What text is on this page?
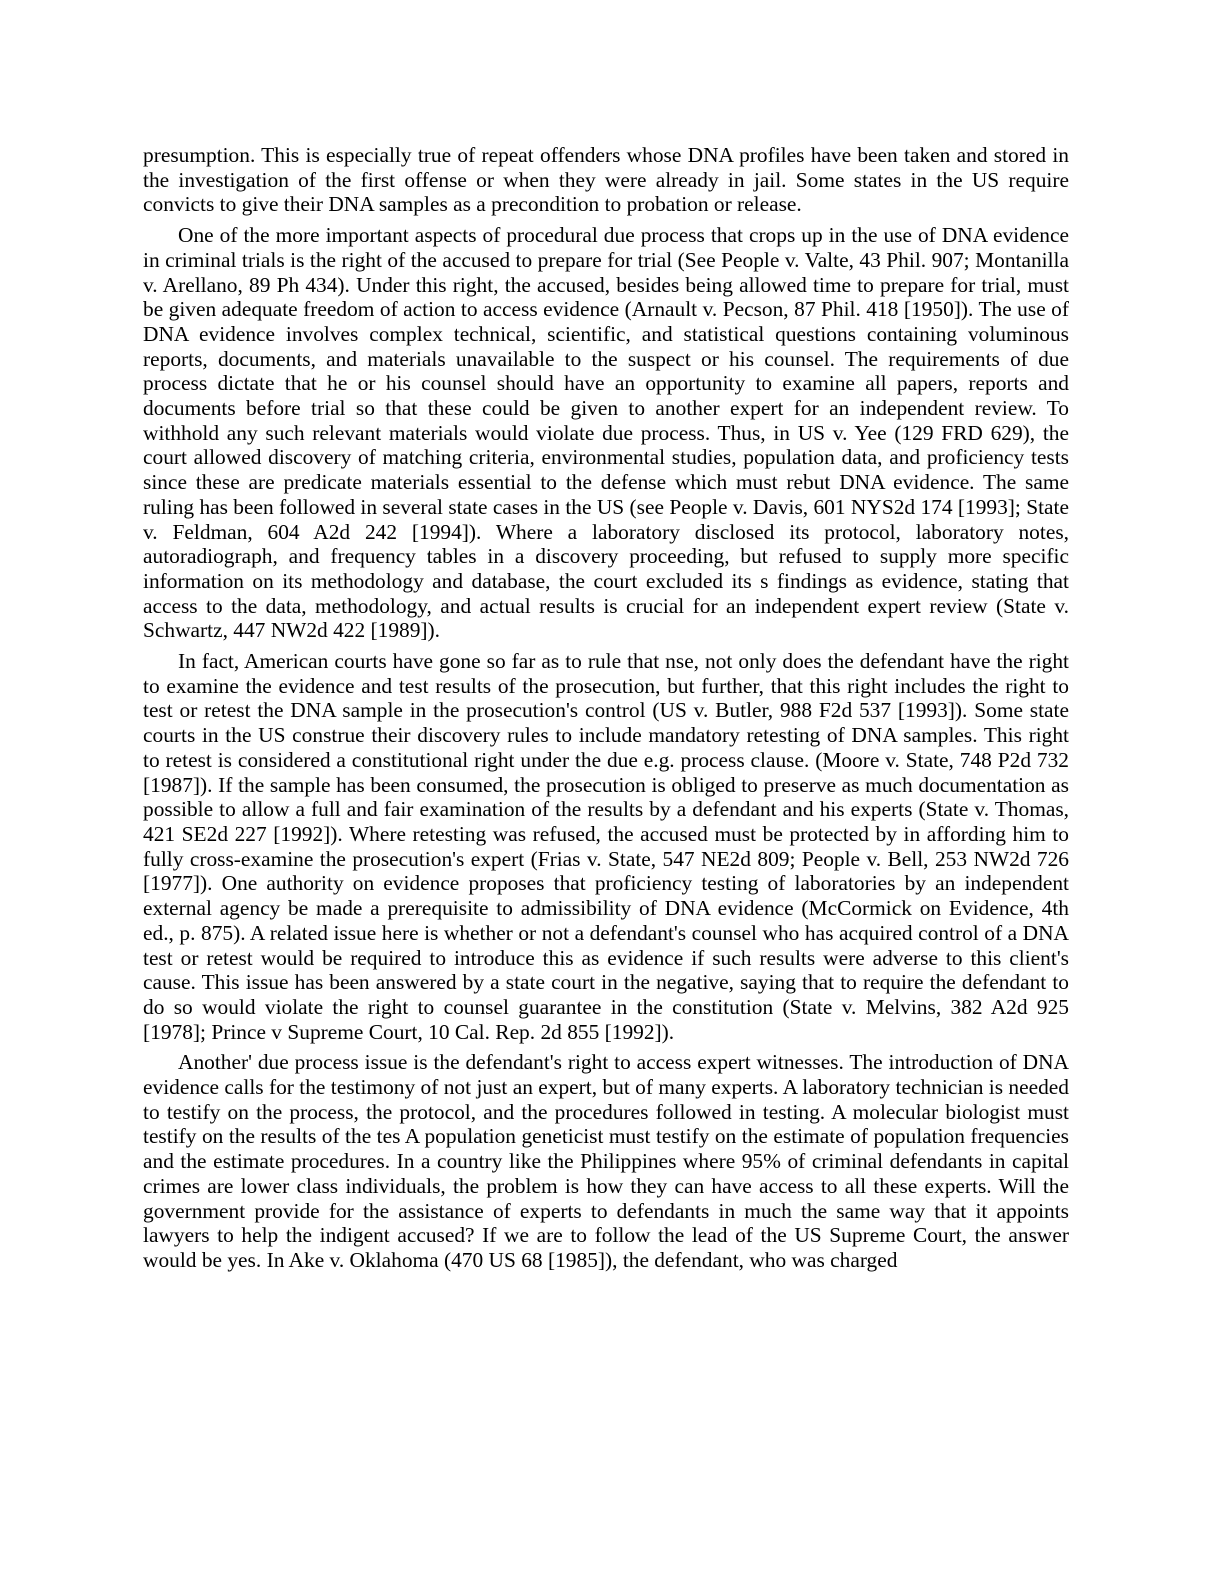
presumption. This is especially true of repeat offenders whose DNA profiles have been taken and stored in the investigation of the first offense or when they were already in jail. Some states in the US require convicts to give their DNA samples as a precondition to probation or release.

One of the more important aspects of procedural due process that crops up in the use of DNA evidence in criminal trials is the right of the accused to prepare for trial (See People v. Valte, 43 Phil. 907; Montanilla v. Arellano, 89 Ph 434). Under this right, the accused, besides being allowed time to prepare for trial, must be given adequate freedom of action to access evidence (Arnault v. Pecson, 87 Phil. 418 [1950]). The use of DNA evidence involves complex technical, scientific, and statistical questions containing voluminous reports, documents, and materials unavailable to the suspect or his counsel. The requirements of due process dictate that he or his counsel should have an opportunity to examine all papers, reports and documents before trial so that these could be given to another expert for an independent review. To withhold any such relevant materials would violate due process. Thus, in US v. Yee (129 FRD 629), the court allowed discovery of matching criteria, environmental studies, population data, and proficiency tests since these are predicate materials essential to the defense which must rebut DNA evidence. The same ruling has been followed in several state cases in the US (see People v. Davis, 601 NYS2d 174 [1993]; State v. Feldman, 604 A2d 242 [1994]). Where a laboratory disclosed its protocol, laboratory notes, autoradiograph, and frequency tables in a discovery proceeding, but refused to supply more specific information on its methodology and database, the court excluded its s findings as evidence, stating that access to the data, methodology, and actual results is crucial for an independent expert review (State v. Schwartz, 447 NW2d 422 [1989]).

In fact, American courts have gone so far as to rule that nse, not only does the defendant have the right to examine the evidence and test results of the prosecution, but further, that this right includes the right to test or retest the DNA sample in the prosecution's control (US v. Butler, 988 F2d 537 [1993]). Some state courts in the US construe their discovery rules to include mandatory retesting of DNA samples. This right to retest is considered a constitutional right under the due e.g. process clause. (Moore v. State, 748 P2d 732 [1987]). If the sample has been consumed, the prosecution is obliged to preserve as much documentation as possible to allow a full and fair examination of the results by a defendant and his experts (State v. Thomas, 421 SE2d 227 [1992]). Where retesting was refused, the accused must be protected by in affording him to fully cross-examine the prosecution's expert (Frias v. State, 547 NE2d 809; People v. Bell, 253 NW2d 726 [1977]). One authority on evidence proposes that proficiency testing of laboratories by an independent external agency be made a prerequisite to admissibility of DNA evidence (McCormick on Evidence, 4th ed., p. 875). A related issue here is whether or not a defendant's counsel who has acquired control of a DNA test or retest would be required to introduce this as evidence if such results were adverse to this client's cause. This issue has been answered by a state court in the negative, saying that to require the defendant to do so would violate the right to counsel guarantee in the constitution (State v. Melvins, 382 A2d 925 [1978]; Prince v Supreme Court, 10 Cal. Rep. 2d 855 [1992]).

Another' due process issue is the defendant's right to access expert witnesses. The introduction of DNA evidence calls for the testimony of not just an expert, but of many experts. A laboratory technician is needed to testify on the process, the protocol, and the procedures followed in testing. A molecular biologist must testify on the results of the tes A population geneticist must testify on the estimate of population frequencies and the estimate procedures. In a country like the Philippines where 95% of criminal defendants in capital crimes are lower class individuals, the problem is how they can have access to all these experts. Will the government provide for the assistance of experts to defendants in much the same way that it appoints lawyers to help the indigent accused? If we are to follow the lead of the US Supreme Court, the answer would be yes. In Ake v. Oklahoma (470 US 68 [1985]), the defendant, who was charged
